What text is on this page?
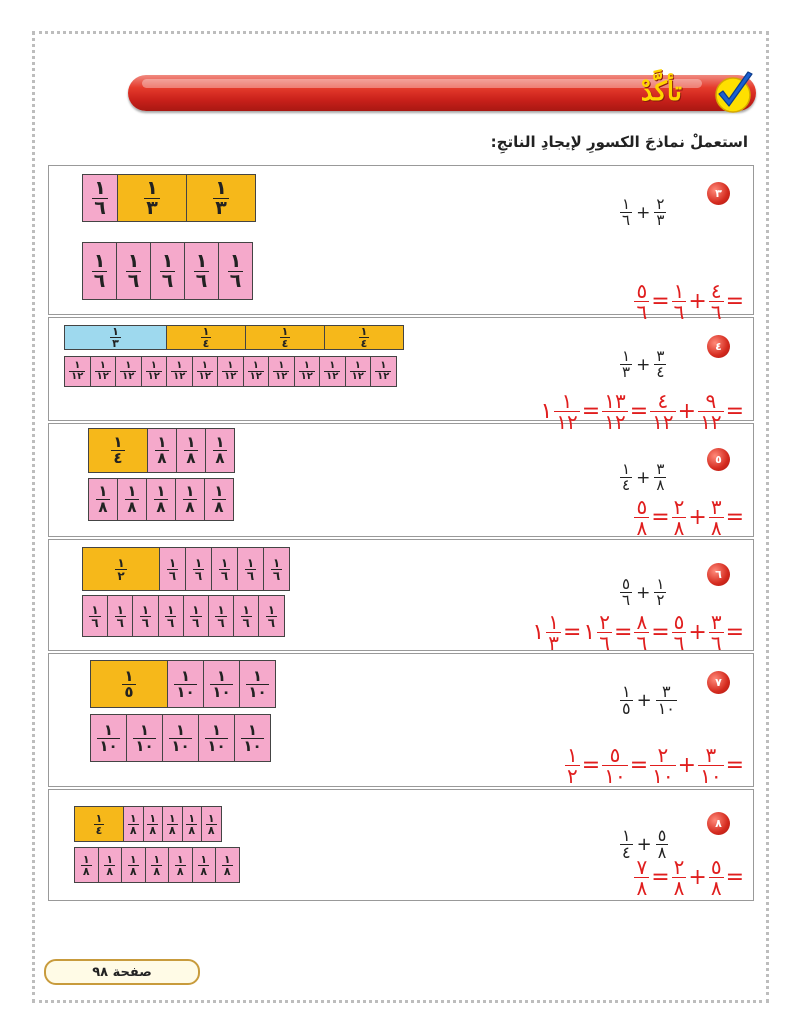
تأكَّدْ
استعملْ نماذجَ الكسورِ لإيجادِ الناتجِ:
صفحة ٩٨
٣
$\frac{١}{٦} + \frac{٢}{٣}$
$\frac{١}{٦} \frac{١}{٣}$	$\frac{١}{٣}$
$\frac{١}{٦} \frac{١}{٦} \frac{١}{٦} \frac{١}{٦} \frac{١}{٦}$
$\frac{٥}{٦} = \frac{١}{٦} + \frac{٤}{٦}$ =
٤
$\frac{١}{٣} + \frac{٣}{٤}$
$\frac{١}{٣}$	$\frac{١}{٤}$	$\frac{١}{٤}$	$\frac{١}{٤}$
$\frac{١}{١٢} \frac{١}{١٢} \frac{١}{١٢} \frac{١}{١٢} \frac{١}{١٢} \frac{١}{١٢} \frac{١}{١٢} \frac{١}{١٢} \frac{١}{١٢} \frac{١}{١٢} \frac{١}{١٢} \frac{١}{١٢} \frac{١}{١٢}$
١ $\frac{١}{١٢} = \frac{١٣}{١٢} = \frac{٤}{١٢} + \frac{٩}{١٢}$ =
٥
$\frac{١}{٤} + \frac{٣}{٨}$
$\frac{١}{٤} \frac{١}{٨} \frac{١}{٨} \frac{١}{٨}$
$\frac{١}{٨} \frac{١}{٨} \frac{١}{٨} \frac{١}{٨} \frac{١}{٨}$	$\frac{٥}{٨} = \frac{٢}{٨} + \frac{٣}{٨}$ =
٦
$\frac{٥}{٦} + \frac{١}{٢}$
$\frac{١}{٢}$	$\frac{١}{٦} \frac{١}{٦} \frac{١}{٦} \frac{١}{٦} \frac{١}{٦}$
$\frac{١}{٦} \frac{١}{٦} \frac{١}{٦} \frac{١}{٦} \frac{١}{٦} \frac{١}{٦} \frac{١}{٦} \frac{١}{٦}$
١ $\frac{١}{٣}$ = ١ $\frac{٢}{٦} = \frac{٨}{٦} = \frac{٥}{٦} + \frac{٣}{٦}$ =
٧
$\frac{١}{٥} + \frac{٣}{١٠}$
$\frac{١}{٥}$	$\frac{١}{١٠} \frac{١}{١٠} \frac{١}{١٠}$
$\frac{١}{١٠} \frac{١}{١٠} \frac{١}{١٠} \frac{١}{١٠} \frac{١}{١٠}$
$\frac{١}{٢} = \frac{٥}{١٠} = \frac{٢}{١٠} + \frac{٣}{١٠}$ =
٨
$\frac{١}{٤} + \frac{٥}{٨}$
$\frac{١}{٤} \frac{١}{٨} \frac{١}{٨} \frac{١}{٨} \frac{١}{٨} \frac{١}{٨}$
$\frac{١}{٨} \frac{١}{٨} \frac{١}{٨} \frac{١}{٨} \frac{١}{٨} \frac{١}{٨} \frac{١}{٨}$	$\frac{٧}{٨} = \frac{٢}{٨} + \frac{٥}{٨}$ =
